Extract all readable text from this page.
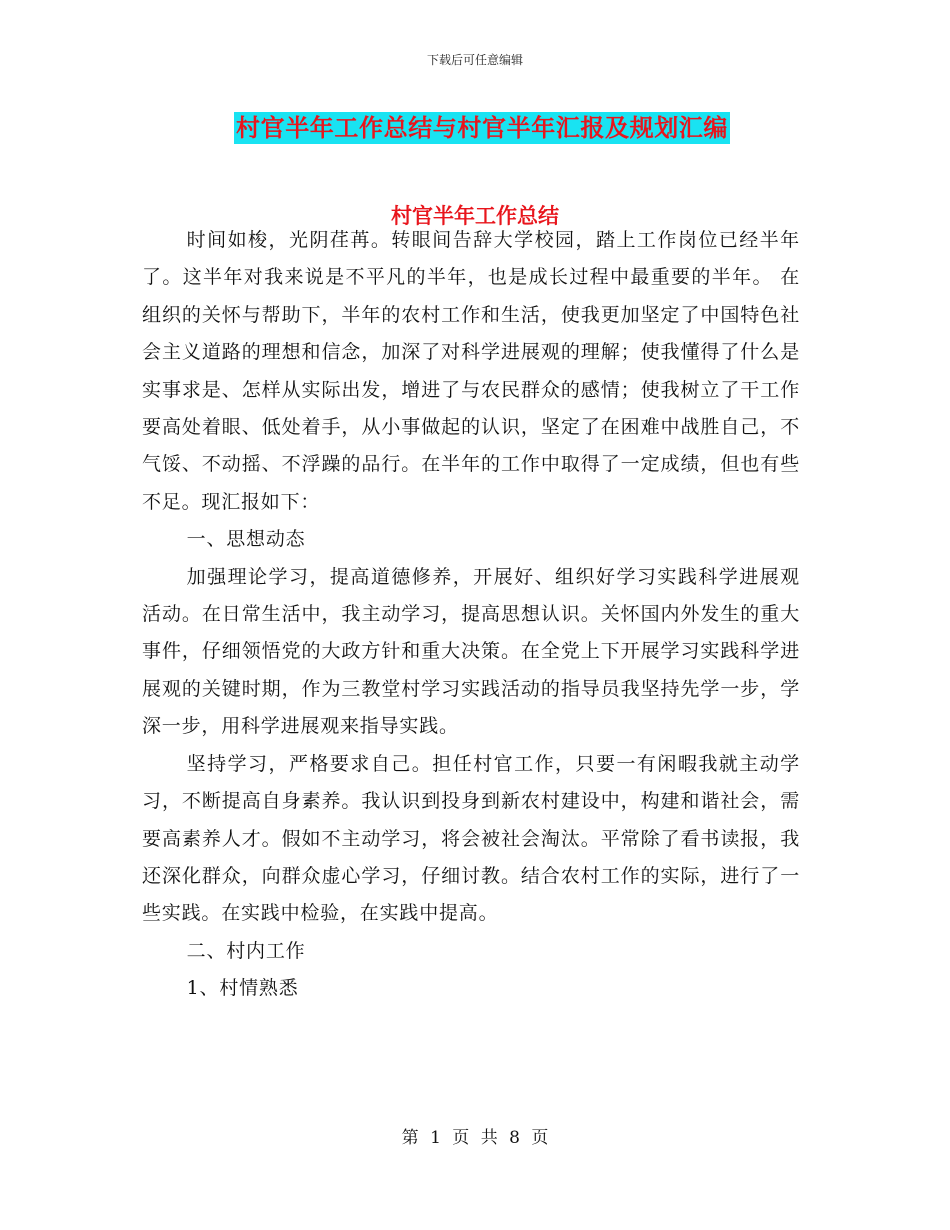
下载后可任意编辑
村官半年工作总结与村官半年汇报及规划汇编
村官半年工作总结

时间如梭，光阴荏苒。转眼间告辞大学校园，踏上工作岗位已经半年了。这半年对我来说是不平凡的半年，也是成长过程中最重要的半年。 在组织的关怀与帮助下，半年的农村工作和生活，使我更加坚定了中国特色社会主义道路的理想和信念，加深了对科学进展观的理解；使我懂得了什么是实事求是、怎样从实际出发，增进了与农民群众的感情；使我树立了干工作要高处着眼、低处着手，从小事做起的认识，坚定了在困难中战胜自己，不气馁、不动摇、不浮躁的品行。在半年的工作中取得了一定成绩，但也有些不足。现汇报如下：

一、思想动态

加强理论学习，提高道德修养，开展好、组织好学习实践科学进展观活动。在日常生活中，我主动学习，提高思想认识。关怀国内外发生的重大事件，仔细领悟党的大政方针和重大决策。在全党上下开展学习实践科学进展观的关键时期，作为三教堂村学习实践活动的指导员我坚持先学一步，学深一步，用科学进展观来指导实践。

坚持学习，严格要求自己。担任村官工作，只要一有闲暇我就主动学习，不断提高自身素养。我认识到投身到新农村建设中，构建和谐社会，需要高素养人才。假如不主动学习，将会被社会淘汰。平常除了看书读报，我还深化群众，向群众虚心学习，仔细讨教。结合农村工作的实际，进行了一些实践。在实践中检验，在实践中提高。

二、村内工作

1、村情熟悉

第 1 页 共 8 页
